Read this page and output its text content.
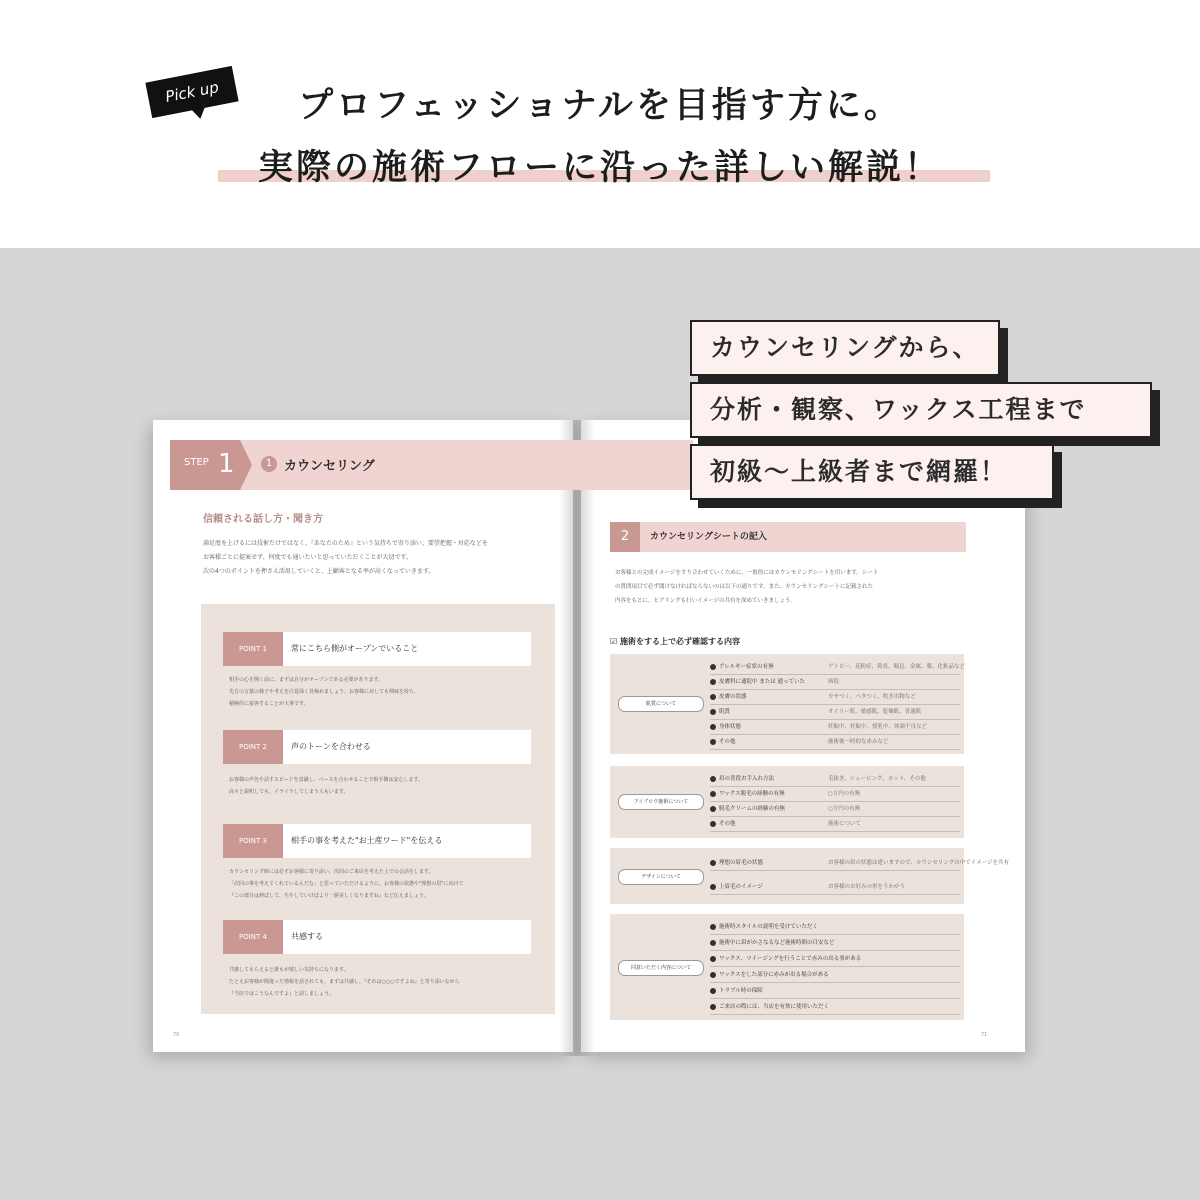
Pick up	プロフェッショナルを目指す方に。
実際の施術フローに沿った詳しい解説！
信頼される話し方・聞き方
満足度を上げるには技術だけではなく、『あなたのため』という気持ちで寄り添い、要望把握・対応などを
お客様ごとに提案せず、何度でも通いたいと思っていただくことが大切です。
次の4つのポイントを押さえ活用していくと、上顧客となる率が高くなっていきます。
POINT 1	常にこちら側がオープンでいること
相手の心を開く前に、まずは自分がオープンである必要があります。
先方の言葉の様子や考えを注意深く見極めましょう。お客様に対しても興味を持ち、
積極的に接客することが大事です。
POINT 2	声のトーンを合わせる
お客様の声色や話すスピードを意識し、ペースを合わせることで相手側は安心します。
高々と説明しても、イライラしてしまう人もいます。
POINT 3	相手の事を考えた"お土産ワード"を伝える
カウンセリング時には必ずお客様に寄り添い、次回のご来店を考えた上での会話をします。
「次回の事を考えてくれているんだな」と思っていただけるように、お客様の状態や"理想の眉"に向けて
『この部分は伸ばして、生やしていけばより一層美しくなりますね』など伝えましょう。
POINT 4	共感する
共感してもらえると誰もが嬉しい気持ちになります。
たとえお客様が間違った情報を話されても、まずは共感し、『それは○○○ですよね』と寄り添いながら
『当店ではこうなんですよ』と話しましょう。
70
STEP 1	1 カウンセリング
2	カウンセリングシートの記入
お客様との完成イメージをすり合わせていくために、一般的にはカウンセリングシートを用います。シート
の質問項目で必ず聞けなければならないのは以下の通りです。また、カウンセリングシートに記載された
内容をもとに、ヒアリングも行いイメージの共有を深めていきましょう。
☑ 施術をする上で必ず確認する内容
肌質について
アレルギー症状の有無	アトピー、花粉症、鼻炎、喘息、金属、薬、化粧品など
皮膚科に通院中 または 通っていた	病院
皮膚の状態	カサつく、ベタつく、吹き出物など
肌質	オイリー肌、敏感肌、乾燥肌、普通肌
身体状態	妊娠中、妊娠中、授乳中、体調不良など
その他	施術後一時的な赤みなど
アイブロウ施術について
眉の普段お手入れ方法	毛抜き、シェービング、カット、その他
ワックス脱毛の経験の有無	○方円の有無
脱毛クリームの経験の有無	○方円の有無
その他	施術について
デザインについて
理想の眉毛の状態	お客様の眉の状態は違いますので、カウンセリングの中でイメージを共有
上眉毛のイメージ	お客様のお好みの形をうかがう
同意いただく内容について
施術時スタイルの説明を受けていただく
施術中に眉がかさなるなど施術時間の目安など
ワックス、ツイージングを行うことで赤みの出る事がある
ワックスをした部分に赤みが出る場合がある
トラブル時の保障
ご来店の際には、当店を有効に使用いただく
71
カウンセリングから、
分析・観察、ワックス工程まで
初級〜上級者まで網羅！
